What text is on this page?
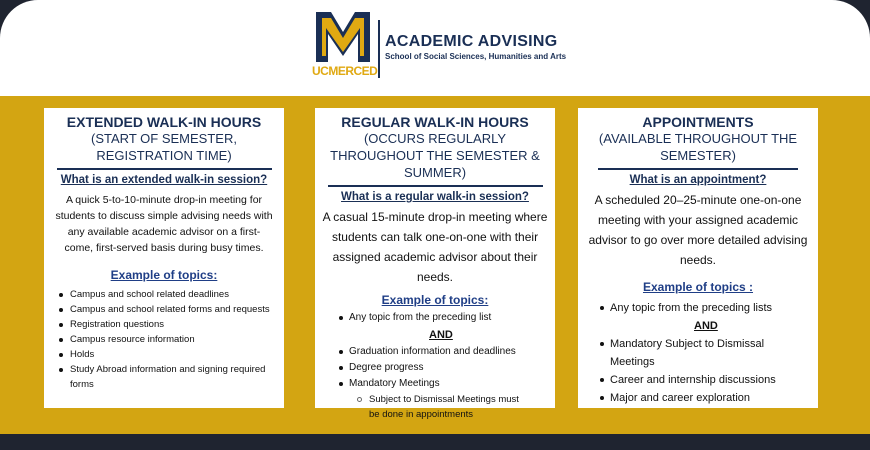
UCMERCED
ACADEMIC ADVISING
School of Social Sciences, Humanities and Arts
EXTENDED WALK-IN HOURS
(START OF SEMESTER, REGISTRATION TIME)
What is an extended walk-in session?
A quick 5-to-10-minute drop-in meeting for students to discuss simple advising needs with any available academic advisor on a first-come, first-served basis during busy times.
Example of topics:
Campus and school related deadlines
Campus and school related forms and requests
Registration questions
Campus resource information
Holds
Study Abroad information and signing required forms
REGULAR WALK-IN HOURS
(OCCURS REGULARLY THROUGHOUT THE SEMESTER & SUMMER)
What is a regular walk-in session?
A casual 15-minute drop-in meeting where students can talk one-on-one with their assigned academic advisor about their needs.
Example of topics:
Any topic from the preceding list
AND
Graduation information and deadlines
Degree progress
Mandatory Meetings
Subject to Dismissal Meetings must
be done in appointments
APPOINTMENTS
(AVAILABLE THROUGHOUT THE SEMESTER)
What is an appointment?
A scheduled 20–25-minute one-on-one meeting with your assigned academic advisor to go over more detailed advising needs.
Example of topics :
Any topic from the preceding lists
AND
Mandatory Subject to Dismissal Meetings
Career and internship discussions
Major and career exploration
